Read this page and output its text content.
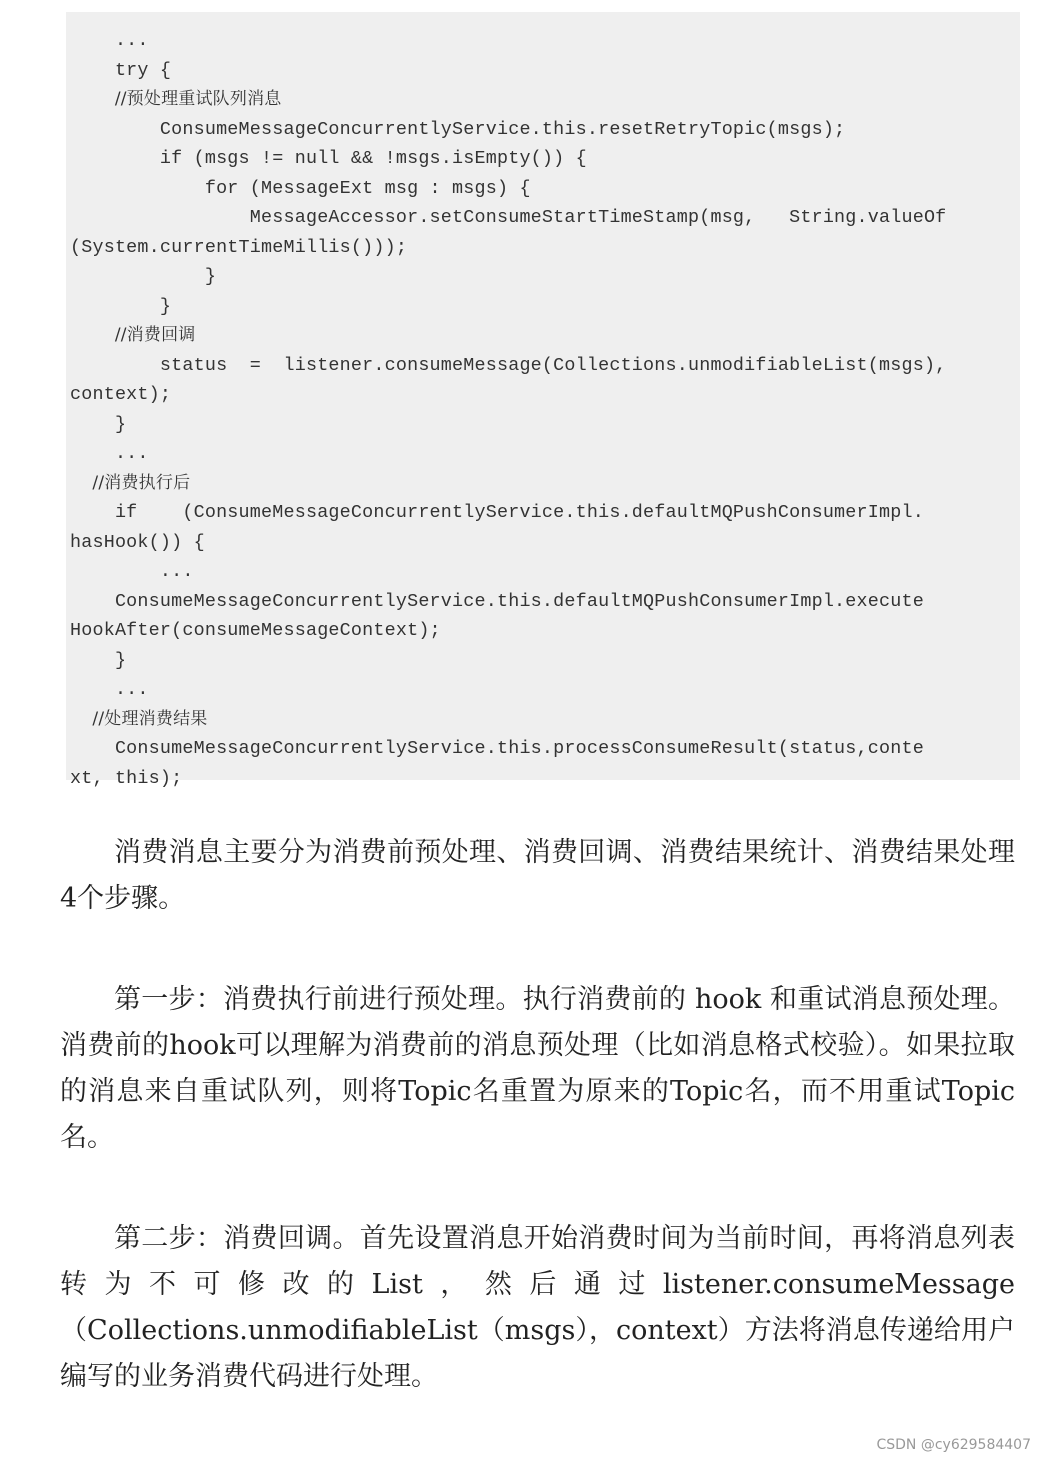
...
try {
//预处理重试队列消息
ConsumeMessageConcurrentlyService.this.resetRetryTopic(msgs);
if (msgs != null && !msgs.isEmpty()) {
for (MessageExt msg : msgs) {
MessageAccessor.setConsumeStartTimeStamp(msg,   String.valueOf
(System.currentTimeMillis()));
}
}
//消费回调
status  =  listener.consumeMessage(Collections.unmodifiableList(msgs),
context);
}
...
//消费执行后
if    (ConsumeMessageConcurrentlyService.this.defaultMQPushConsumerImpl.
hasHook()) {
...
ConsumeMessageConcurrentlyService.this.defaultMQPushConsumerImpl.execute
HookAfter(consumeMessageContext);
}
...
//处理消费结果
ConsumeMessageConcurrentlyService.this.processConsumeResult(status,conte
xt, this);

消费消息主要分为消费前预处理、消费回调、消费结果统计、消费结果处理4个步骤。

第一步：消费执行前进行预处理。执行消费前的 hook 和重试消息预处理。消费前的hook可以理解为消费前的消息预处理（比如消息格式校验）。如果拉取的消息来自重试队列，则将Topic名重置为原来的Topic名，而不用重试Topic名。

第二步：消费回调。首先设置消息开始消费时间为当前时间，再将消息列表转为不可修改的List，然后通过listener.consumeMessage（Collections.unmodifiableList（msgs），context）方法将消息传递给用户编写的业务消费代码进行处理。

CSDN @cy629584407
